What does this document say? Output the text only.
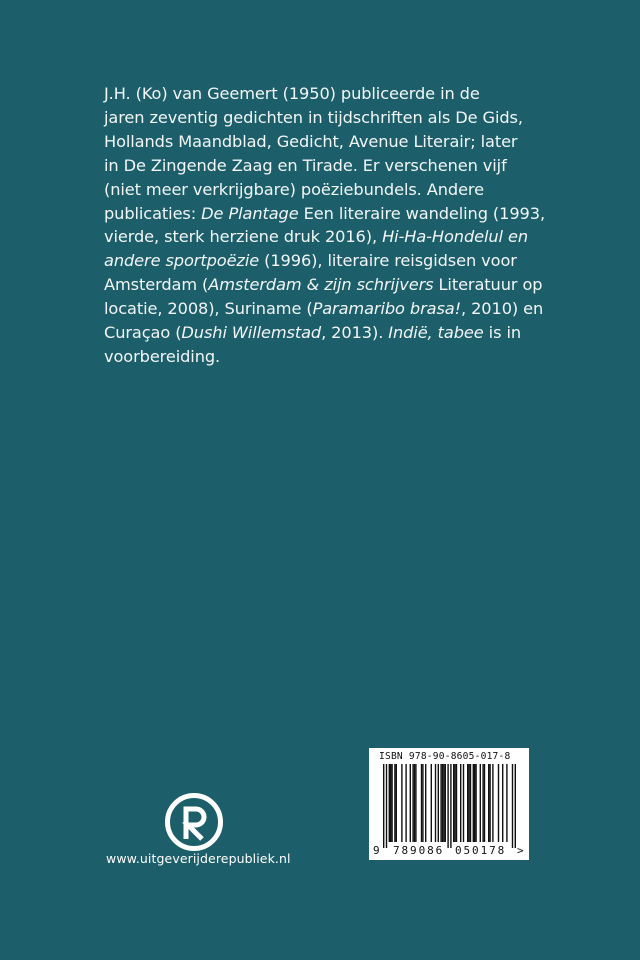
J.H. (Ko) van Geemert (1950) publiceerde in de
jaren zeventig gedichten in tijdschriften als De Gids,
Hollands Maandblad, Gedicht, Avenue Literair; later
in De Zingende Zaag en Tirade. Er verschenen vijf
(niet meer verkrijgbare) poëziebundels. Andere
publicaties: De Plantage Een literaire wandeling (1993,
vierde, sterk herziene druk 2016), Hi-Ha-Hondelul en
andere sportpoëzie (1996), literaire reisgidsen voor
Amsterdam (Amsterdam & zijn schrijvers Literatuur op
locatie, 2008), Suriname (Paramaribo brasa!, 2010) en
Curaçao (Dushi Willemstad, 2013). Indië, tabee is in
voorbereiding.
www.uitgeverijderepubliek.nl
ISBN 978-90-8605-017-8
9 789086 050178 >
